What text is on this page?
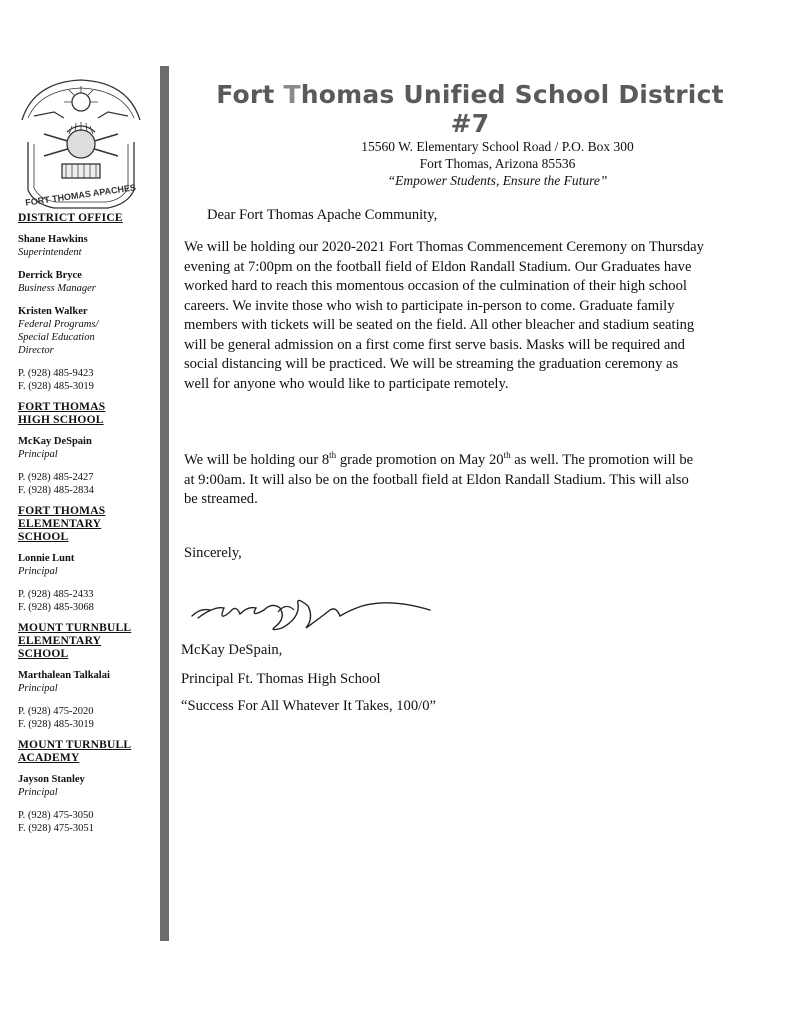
FORT THOMAS APACHES
DISTRICT OFFICE
Shane Hawkins
Superintendent
Derrick Bryce
Business Manager
Kristen Walker
Federal Programs/
Special Education
Director
P. (928) 485-9423
F. (928) 485-3019
FORT THOMAS
HIGH SCHOOL
McKay DeSpain
Principal
P. (928) 485-2427
F. (928) 485-2834
FORT THOMAS
ELEMENTARY
SCHOOL
Lonnie Lunt
Principal
P. (928) 485-2433
F. (928) 485-3068
MOUNT TURNBULL
ELEMENTARY
SCHOOL
Marthalean Talkalai
Principal
P. (928) 475-2020
F. (928) 485-3019
MOUNT TURNBULL
ACADEMY
Jayson Stanley
Principal
P. (928) 475-3050
F. (928) 475-3051
Fort Thomas Unified School District #7
15560 W. Elementary School Road / P.O. Box 300
Fort Thomas, Arizona 85536
“Empower Students, Ensure the Future”
Dear Fort Thomas Apache Community,
We will be holding our 2020-2021 Fort Thomas Commencement Ceremony on Thursday evening at 7:00pm on the football field of Eldon Randall Stadium. Our Graduates have worked hard to reach this momentous occasion of the culmination of their high school careers. We invite those who wish to participate in-person to come. Graduate family members with tickets will be seated on the field. All other bleacher and stadium seating will be general admission on a first come first serve basis. Masks will be required and social distancing will be practiced. We will be streaming the graduation ceremony as well for anyone who would like to participate remotely.
We will be holding our 8th grade promotion on May 20th as well. The promotion will be at 9:00am. It will also be on the football field at Eldon Randall Stadium. This will also be streamed.
Sincerely,
McKay DeSpain,
Principal Ft. Thomas High School
“Success For All Whatever It Takes, 100/0”
